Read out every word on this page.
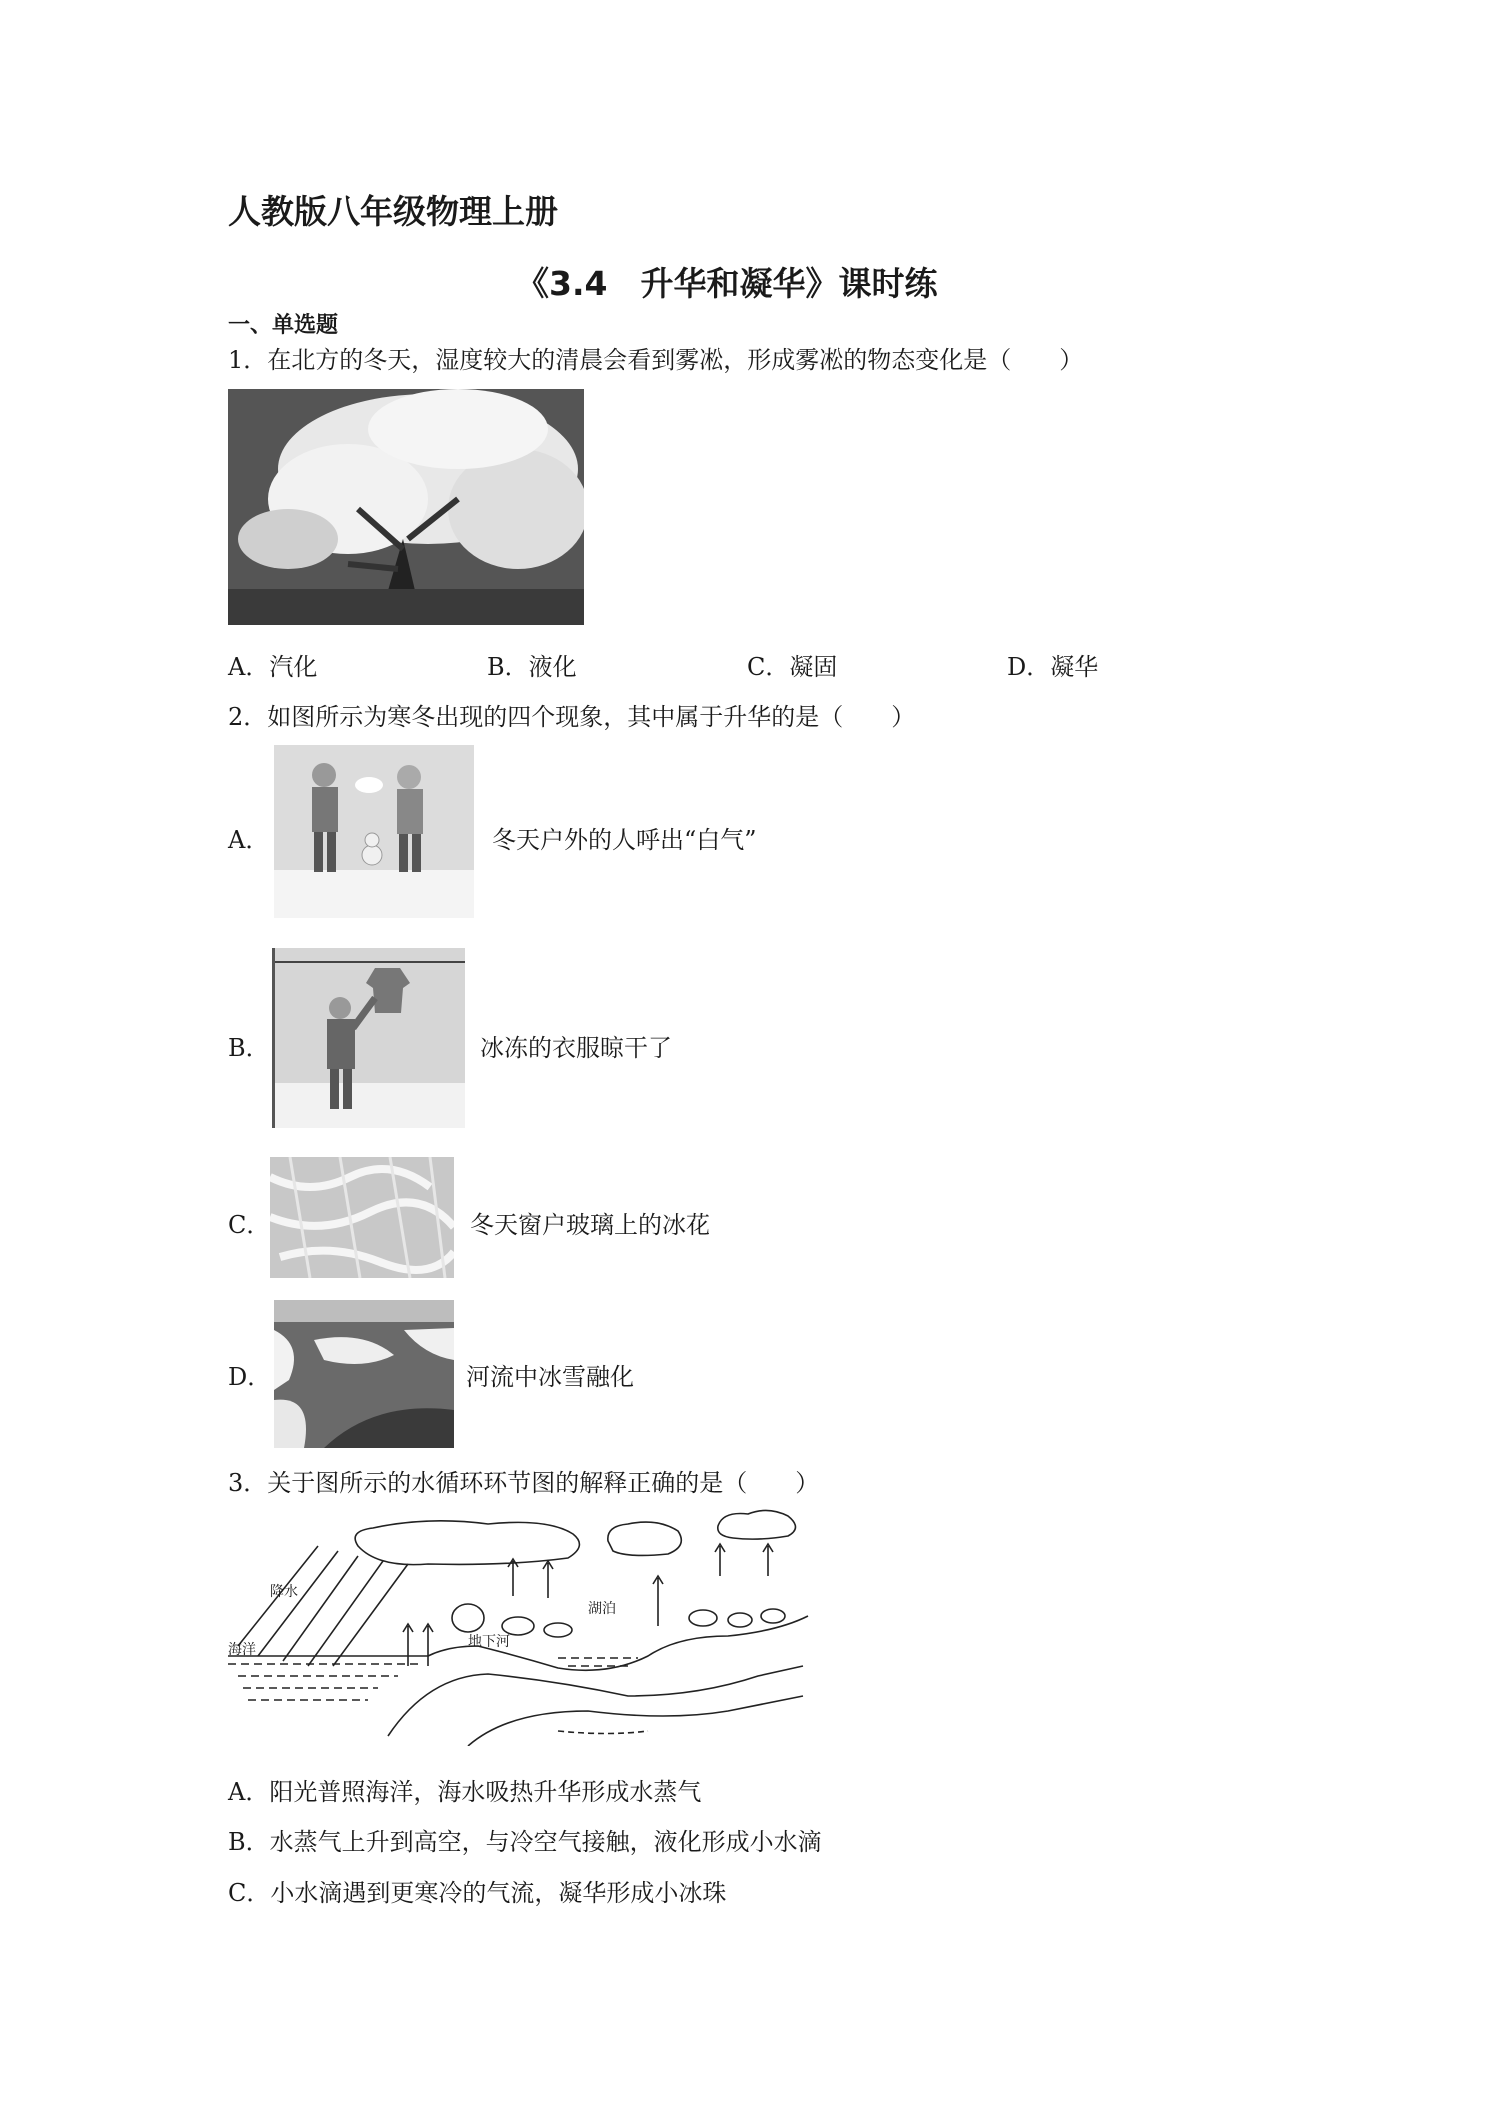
人教版八年级物理上册
《3.4　升华和凝华》课时练
一、单选题
1．在北方的冬天，湿度较大的清晨会看到雾凇，形成雾凇的物态变化是（　　）
A．汽化	B．液化	C．凝固	D．凝华
2．如图所示为寒冬出现的四个现象，其中属于升华的是（　　）
A．	冬天户外的人呼出“白气”
B．	冰冻的衣服晾干了
C．	冬天窗户玻璃上的冰花
D．	河流中冰雪融化
3．关于图所示的水循环环节图的解释正确的是（　　）
降水
海洋
湖泊
地下河
A．阳光普照海洋，海水吸热升华形成水蒸气
B．水蒸气上升到高空，与冷空气接触，液化形成小水滴
C．小水滴遇到更寒冷的气流，凝华形成小冰珠
